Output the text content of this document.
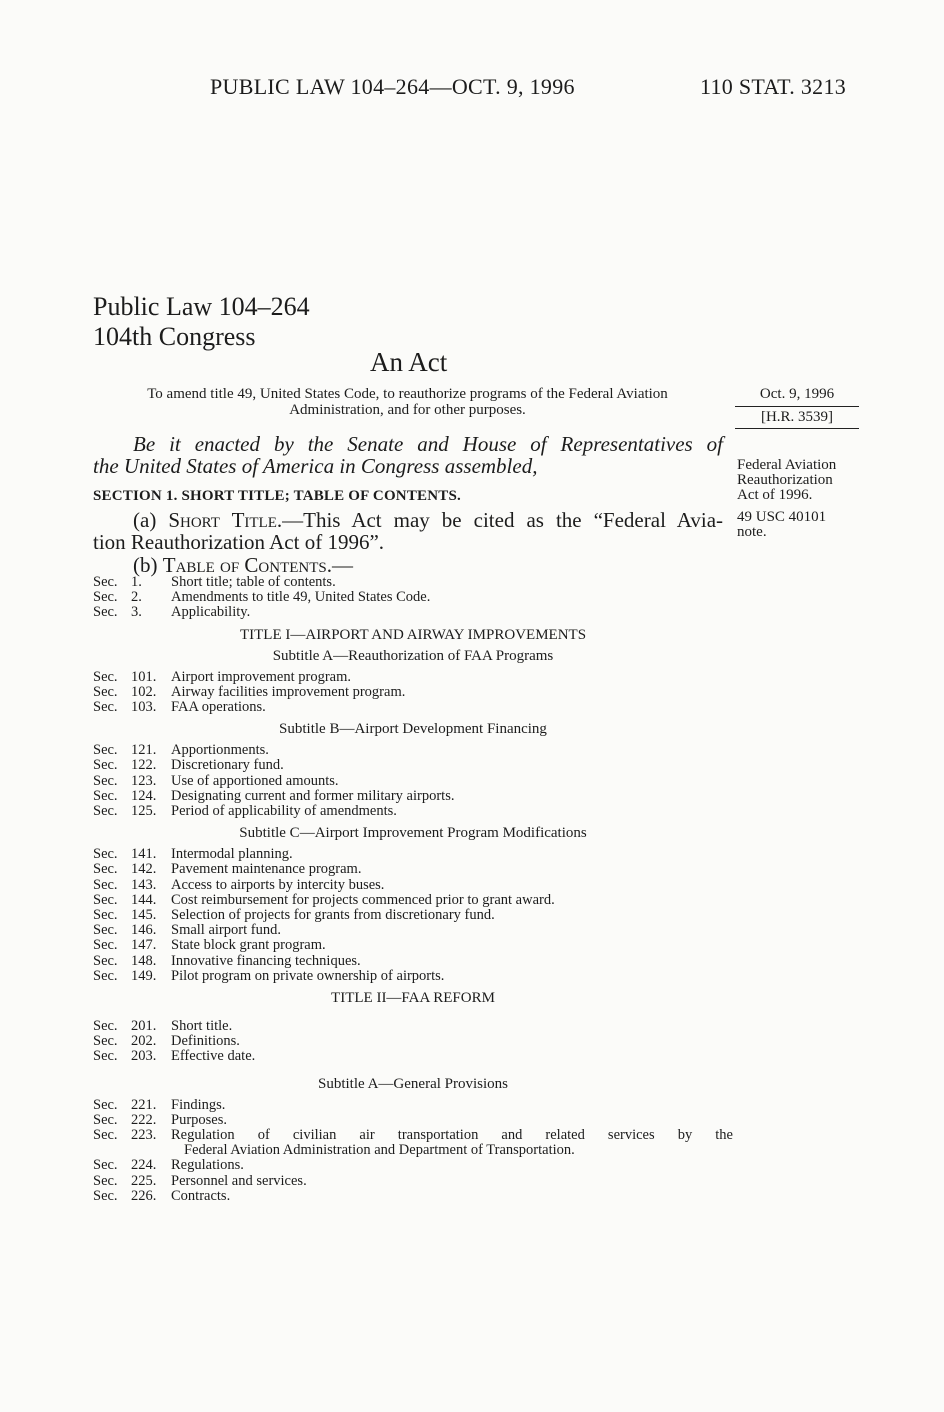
PUBLIC LAW 104–264—OCT. 9, 1996	110 STAT. 3213
Public Law 104–264
104th Congress
An Act
To amend title 49, United States Code, to reauthorize programs of the Federal Aviation Administration, and for other purposes.
Oct. 9, 1996
[H.R. 3539]
Be it enacted by the Senate and House of Representatives of
the United States of America in Congress assembled,	Federal Aviation Reauthorization Act of 1996.
49 USC 40101 note.
SECTION 1. SHORT TITLE; TABLE OF CONTENTS.
(a) Short Title.—This Act may be cited as the “Federal Avia-
tion Reauthorization Act of 1996”.
(b) Table of Contents.—
Sec. 1.	Short title; table of contents.
Sec. 2.	Amendments to title 49, United States Code.
Sec. 3.	Applicability.
TITLE I—AIRPORT AND AIRWAY IMPROVEMENTS
Subtitle A—Reauthorization of FAA Programs
Sec. 101.	Airport improvement program.
Sec. 102.	Airway facilities improvement program.
Sec. 103.	FAA operations.
Subtitle B—Airport Development Financing
Sec. 121.	Apportionments.
Sec. 122.	Discretionary fund.
Sec. 123.	Use of apportioned amounts.
Sec. 124.	Designating current and former military airports.
Sec. 125.	Period of applicability of amendments.
Subtitle C—Airport Improvement Program Modifications
Sec. 141.	Intermodal planning.
Sec. 142.	Pavement maintenance program.
Sec. 143.	Access to airports by intercity buses.
Sec. 144.	Cost reimbursement for projects commenced prior to grant award.
Sec. 145.	Selection of projects for grants from discretionary fund.
Sec. 146.	Small airport fund.
Sec. 147.	State block grant program.
Sec. 148.	Innovative financing techniques.
Sec. 149.	Pilot program on private ownership of airports.
TITLE II—FAA REFORM
Sec. 201.	Short title.
Sec. 202.	Definitions.
Sec. 203.	Effective date.
Subtitle A—General Provisions
Sec. 221.	Findings.
Sec. 222.	Purposes.
Sec. 223.	Regulation of civilian air transportation and related services by the
Federal Aviation Administration and Department of Transportation.
Sec. 224.	Regulations.
Sec. 225.	Personnel and services.
Sec. 226.	Contracts.
